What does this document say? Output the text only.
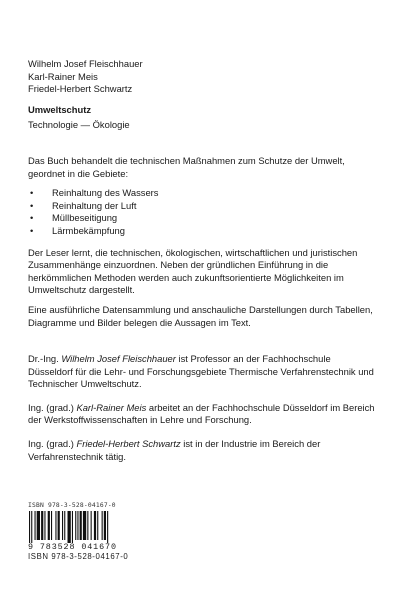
Wilhelm Josef Fleischhauer
Karl-Rainer Meis
Friedel-Herbert Schwartz
Umweltschutz
Technologie — Ökologie

Das Buch behandelt die technischen Maßnahmen zum Schutze der Umwelt, geordnet in die Gebiete:

• Reinhaltung des Wassers
• Reinhaltung der Luft
• Müllbeseitigung
• Lärmbekämpfung

Der Leser lernt, die technischen, ökologischen, wirtschaftlichen und juristischen Zusammenhänge einzuordnen. Neben der gründlichen Einführung in die herkömmlichen Methoden werden auch zukunftsorientierte Möglichkeiten im Umweltschutz dargestellt.

Eine ausführliche Datensammlung und anschauliche Darstellungen durch Tabellen, Diagramme und Bilder belegen die Aussagen im Text.

Dr.-Ing. Wilhelm Josef Fleischhauer ist Professor an der Fachhochschule Düsseldorf für die Lehr- und Forschungsgebiete Thermische Verfahrenstechnik und Technischer Umweltschutz.

Ing. (grad.) Karl-Rainer Meis arbeitet an der Fachhochschule Düsseldorf im Bereich der Werkstoffwissenschaften in Lehre und Forschung.

Ing. (grad.) Friedel-Herbert Schwartz ist in der Industrie im Bereich der Verfahrenstechnik tätig.

ISBN 978-3-528-04167-0
9 783528 041670
ISBN 978-3-528-04167-0
